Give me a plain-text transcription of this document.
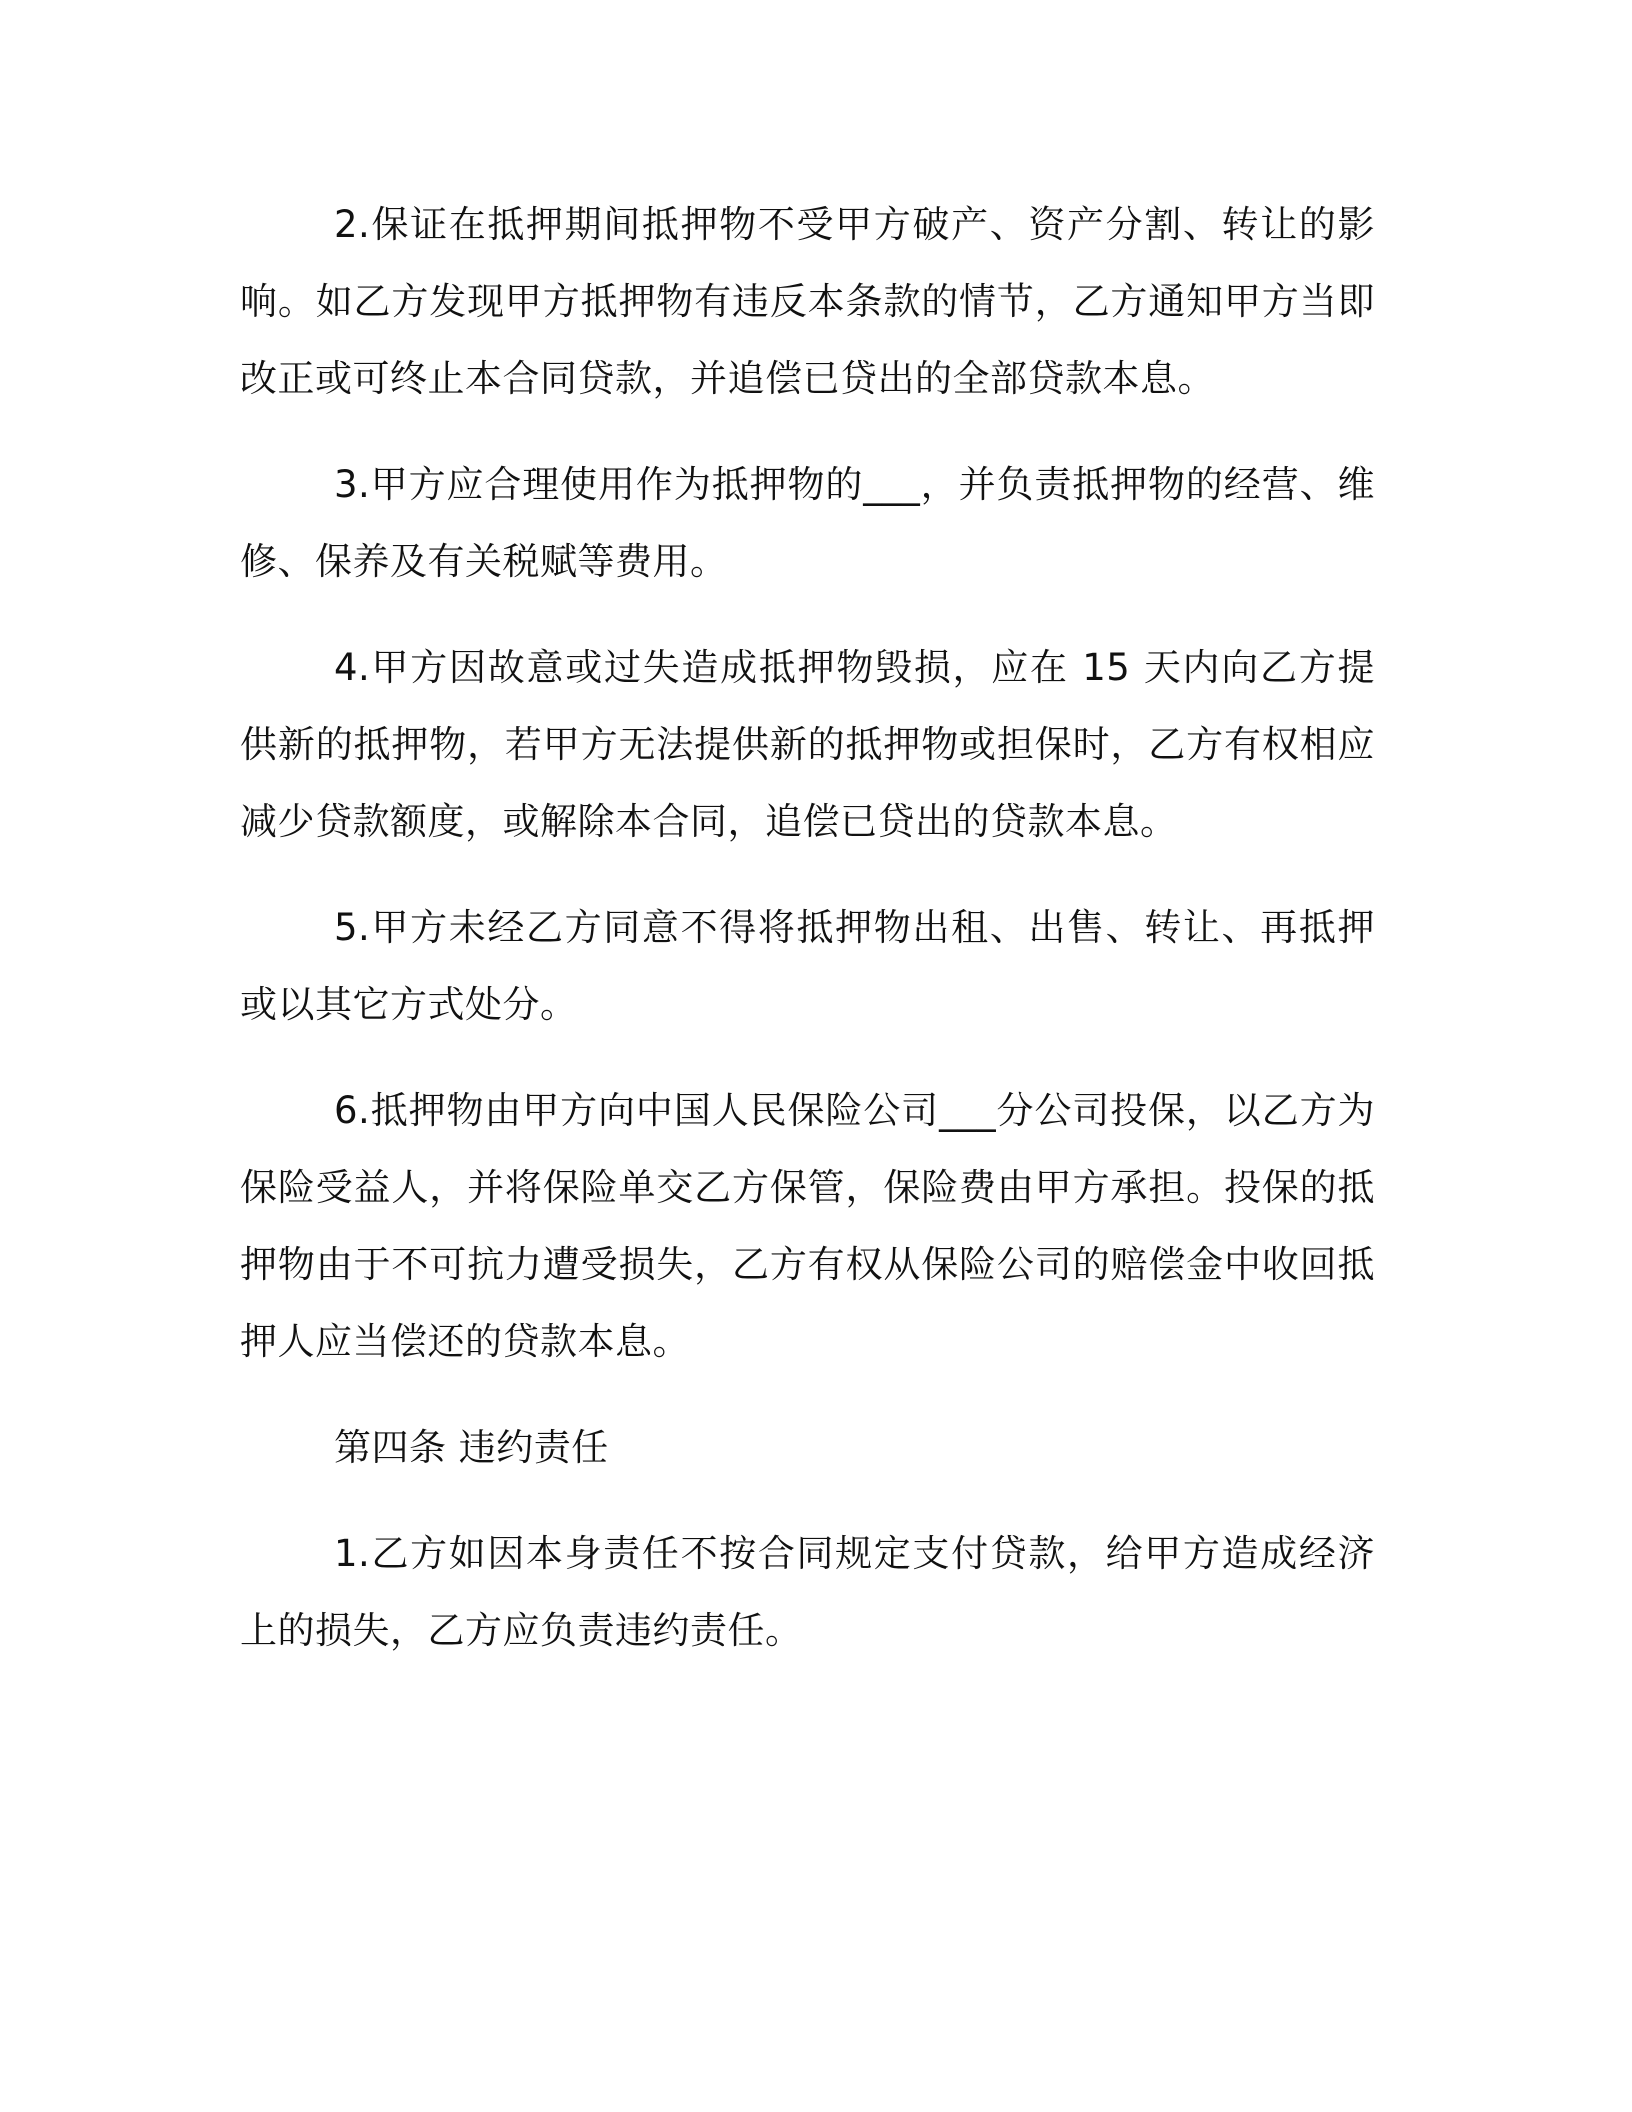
2.保证在抵押期间抵押物不受甲方破产、资产分割、转让的影响。如乙方发现甲方抵押物有违反本条款的情节，乙方通知甲方当即改正或可终止本合同贷款，并追偿已贷出的全部贷款本息。

3.甲方应合理使用作为抵押物的___，并负责抵押物的经营、维修、保养及有关税赋等费用。

4.甲方因故意或过失造成抵押物毁损，应在 15 天内向乙方提供新的抵押物，若甲方无法提供新的抵押物或担保时，乙方有权相应减少贷款额度，或解除本合同，追偿已贷出的贷款本息。

5.甲方未经乙方同意不得将抵押物出租、出售、转让、再抵押或以其它方式处分。

6.抵押物由甲方向中国人民保险公司___分公司投保，以乙方为保险受益人，并将保险单交乙方保管，保险费由甲方承担。投保的抵押物由于不可抗力遭受损失，乙方有权从保险公司的赔偿金中收回抵押人应当偿还的贷款本息。

第四条 违约责任

1.乙方如因本身责任不按合同规定支付贷款，给甲方造成经济上的损失，乙方应负责违约责任。
